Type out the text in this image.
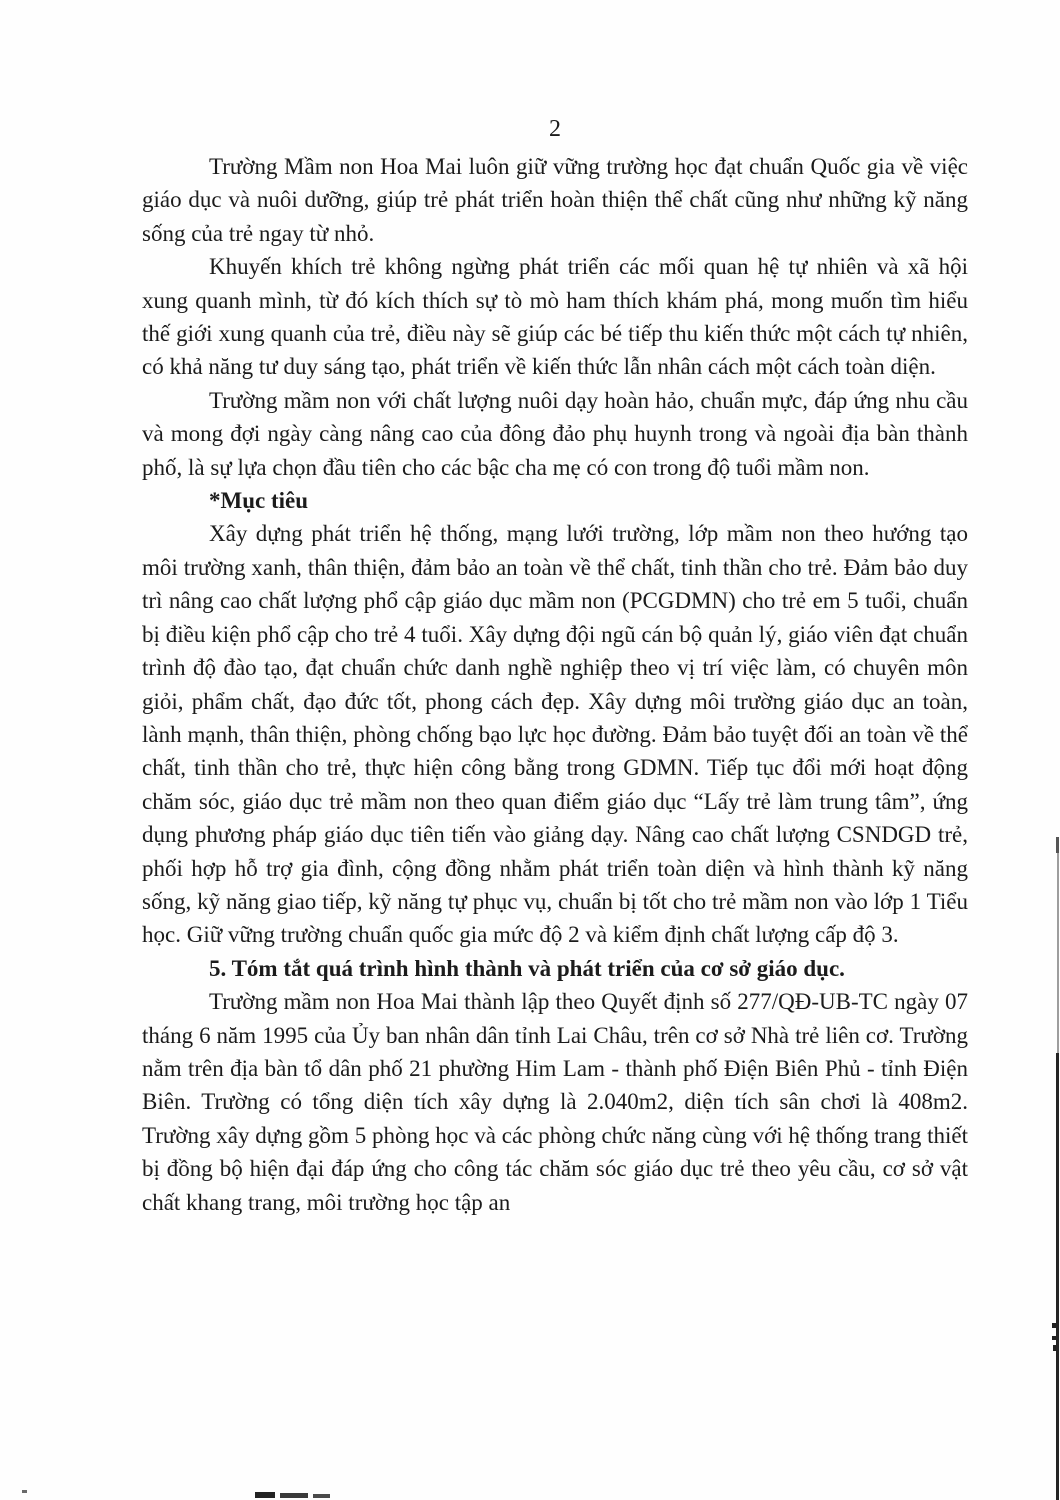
2

Trường Mầm non Hoa Mai luôn giữ vững trường học đạt chuẩn Quốc gia về việc giáo dục và nuôi dưỡng, giúp trẻ phát triển hoàn thiện thể chất cũng như những kỹ năng sống của trẻ ngay từ nhỏ.

Khuyến khích trẻ không ngừng phát triển các mối quan hệ tự nhiên và xã hội xung quanh mình, từ đó kích thích sự tò mò ham thích khám phá, mong muốn tìm hiểu thế giới xung quanh của trẻ, điều này sẽ giúp các bé tiếp thu kiến thức một cách tự nhiên, có khả năng tư duy sáng tạo, phát triển về kiến thức lẫn nhân cách một cách toàn diện.

Trường mầm non với chất lượng nuôi dạy hoàn hảo, chuẩn mực, đáp ứng nhu cầu và mong đợi ngày càng nâng cao của đông đảo phụ huynh trong và ngoài địa bàn thành phố, là sự lựa chọn đầu tiên cho các bậc cha mẹ có con trong độ tuổi mầm non.

*Mục tiêu

Xây dựng phát triển hệ thống, mạng lưới trường, lớp mầm non theo hướng tạo môi trường xanh, thân thiện, đảm bảo an toàn về thể chất, tinh thần cho trẻ. Đảm bảo duy trì nâng cao chất lượng phổ cập giáo dục mầm non (PCGDMN) cho trẻ em 5 tuổi, chuẩn bị điều kiện phổ cập cho trẻ 4 tuổi. Xây dựng đội ngũ cán bộ quản lý, giáo viên đạt chuẩn trình độ đào tạo, đạt chuẩn chức danh nghề nghiệp theo vị trí việc làm, có chuyên môn giỏi, phẩm chất, đạo đức tốt, phong cách đẹp. Xây dựng môi trường giáo dục an toàn, lành mạnh, thân thiện, phòng chống bạo lực học đường. Đảm bảo tuyệt đối an toàn về thể chất, tinh thần cho trẻ, thực hiện công bằng trong GDMN. Tiếp tục đổi mới hoạt động chăm sóc, giáo dục trẻ mầm non theo quan điểm giáo dục “Lấy trẻ làm trung tâm”, ứng dụng phương pháp giáo dục tiên tiến vào giảng dạy. Nâng cao chất lượng CSNDGD trẻ, phối hợp hỗ trợ gia đình, cộng đồng nhằm phát triển toàn diện và hình thành kỹ năng sống, kỹ năng giao tiếp, kỹ năng tự phục vụ, chuẩn bị tốt cho trẻ mầm non vào lớp 1 Tiểu học. Giữ vững trường chuẩn quốc gia mức độ 2 và kiểm định chất lượng cấp độ 3.

5. Tóm tắt quá trình hình thành và phát triển của cơ sở giáo dục.

Trường mầm non Hoa Mai thành lập theo Quyết định số 277/QĐ-UB-TC ngày 07 tháng 6 năm 1995 của Ủy ban nhân dân tỉnh Lai Châu, trên cơ sở Nhà trẻ liên cơ. Trường nằm trên địa bàn tổ dân phố 21 phường Him Lam - thành phố Điện Biên Phủ - tỉnh Điện Biên. Trường có tổng diện tích xây dựng là 2.040m2, diện tích sân chơi là 408m2. Trường xây dựng gồm 5 phòng học và các phòng chức năng cùng với hệ thống trang thiết bị đồng bộ hiện đại đáp ứng cho công tác chăm sóc giáo dục trẻ theo yêu cầu, cơ sở vật chất khang trang, môi trường học tập an
